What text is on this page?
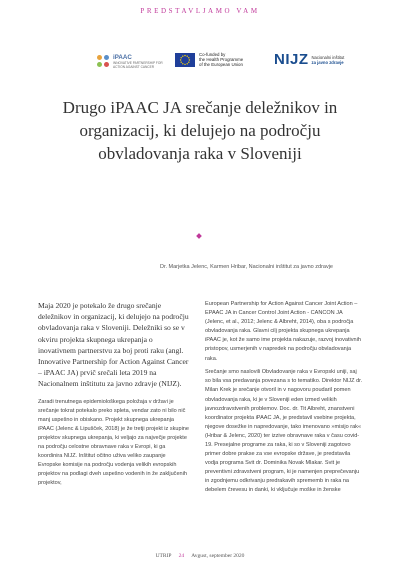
PREDSTAVLJAMO VAM
iPAAC
INNOVATIVE PARTNERSHIP FOR ACTION AGAINST CANCER
Co-funded by
the Health Programme
of the European Union NIJZ Nacionalni inštitut
za javno zdravje
Drugo iPAAC JA srečanje deležnikov in organizacij, ki delujejo na področju obvladovanja raka v Sloveniji
Dr. Marjetka Jelenc, Karmen Hribar, Nacionalni inštitut za javno zdravje

Maja 2020 je potekalo že drugo srečanje deležnikov in organizacij, ki delujejo na področju obvladovanja raka v Sloveniji. Deležniki so se v okviru projekta skupnega ukrepanja o inovativnem partnerstvu za boj proti raku (angl. Innovative Partnership for Action Against Cancer – iPAAC JA) prvič srečali leta 2019 na Nacionalnem inštitutu za javno zdravje (NIJZ).

Zaradi trenutnega epidemiološkega položaja v državi je srečanje tokrat potekalo preko spleta, vendar zato ni bilo nič manj uspešno in obiskano. Projekt skupnega ukrepanja iPAAC (Jelenc & Lipušček, 2018) je že tretji projekt iz skupine projektov skupnega ukrepanja, ki veljajo za največje projekte na področju celostne obravnave raka v Evropi, ki ga koordinira NIJZ. Inštitut očitno uživa veliko zaupanje Evropske komisije na področju vodenja velikih evropskih projektov na podlagi dveh uspešno vodenih in že zaključenih projektov,

European Partnership for Action Against Cancer Joint Action – EPAAC JA in Cancer Control Joint Action - CANCON JA (Jelenc, et al., 2012; Jelenc & Albreht, 2014), oba s področja obvladovanja raka. Glavni cilj projekta skupnega ukrepanja iPAAC je, kot že samo ime projekta nakazuje, razvoj inovativnih pristopov, usmerjenih v napredek na področju obvladovanja raka.

Srečanje smo naslovili Obvladovanje raka v Evropski uniji, saj so bila vsa predavanja povezana s to tematiko. Direktor NIJZ dr. Milan Krek je srečanje otvoril in v nagovoru poudaril pomen obvladovanja raka, ki je v Sloveniji eden izmed velikih javnozdravstvenih problemov. Doc. dr. Tit Albreht, znanstveni koordinator projekta iPAAC JA, je predstavil vsebine projekta, njegove dosežke in napredovanje, tako imenovano »misijo rak« (Hribar & Jelenc, 2020) ter izzive obravnave raka v času covid-19. Presejalne programe za raka, ki so v Sloveniji zagotovo primer dobre prakse za vse evropske države, je predstavila vodja programa Svit dr. Dominika Novak Mlakar. Svit je preventivni zdravstveni program, ki je namenjen preprečevanju in zgodnjemu odkrivanju predrakavih sprememb in raka na debelem črevesu in danki, ki vključuje moške in ženske

UTRIP 24 Avgust, september 2020
